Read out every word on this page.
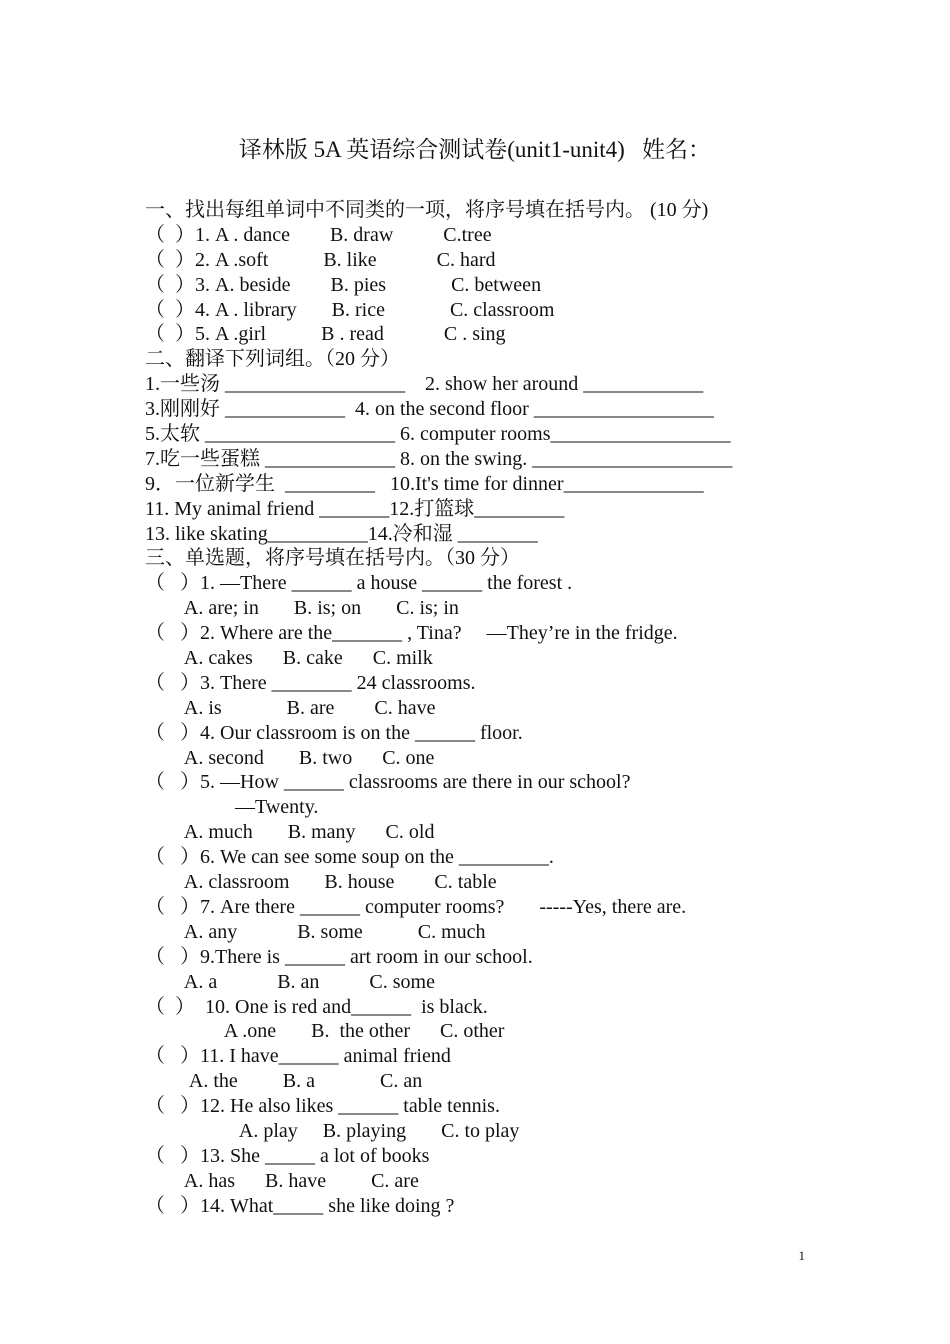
译林版 5A 英语综合测试卷(unit1-unit4)   姓名：
一、找出每组单词中不同类的一项，将序号填在括号内。 (10 分)
（  ）1. A . dance        B. draw          C.tree
（  ）2. A .soft           B. like            C. hard
（  ）3. A. beside        B. pies             C. between
（  ）4. A . library       B. rice             C. classroom
（  ）5. A .girl           B . read            C . sing
二、翻译下列词组。（20 分）
1.一些汤 __________________    2. show her around ____________
3.刚刚好 ____________  4. on the second floor __________________
5.太软 ___________________ 6. computer rooms__________________
7.吃一些蛋糕 _____________ 8. on the swing. ____________________
9．一位新学生  _________   10.It's time for dinner______________
11. My animal friend _______12.打篮球_________
13. like skating__________14.冷和湿 ________
三、单选题，将序号填在括号内。（30 分）
（   ）1. —There ______ a house ______ the forest .
A. are; in       B. is; on       C. is; in
（   ）2. Where are the_______ , Tina?     —They’re in the fridge.
A. cakes      B. cake      C. milk
（   ）3. There ________ 24 classrooms.
A. is             B. are        C. have
（   ）4. Our classroom is on the ______ floor.
A. second       B. two      C. one
（   ）5. —How ______ classrooms are there in our school?
—Twenty.
A. much       B. many      C. old
（   ）6. We can see some soup on the _________.
A. classroom       B. house        C. table
（   ）7. Are there ______ computer rooms?       -----Yes, there are.
A. any            B. some           C. much
（   ）9.There is ______ art room in our school.
A. a            B. an          C. some
（  ）  10. One is red and______  is black.
A .one       B.  the other      C. other
（   ）11. I have______ animal friend
A. the         B. a             C. an
（   ）12. He also likes ______ table tennis.
A. play     B. playing       C. to play
（   ）13. She _____ a lot of books
A. has      B. have         C. are
（   ）14. What_____ she like doing ?
1
